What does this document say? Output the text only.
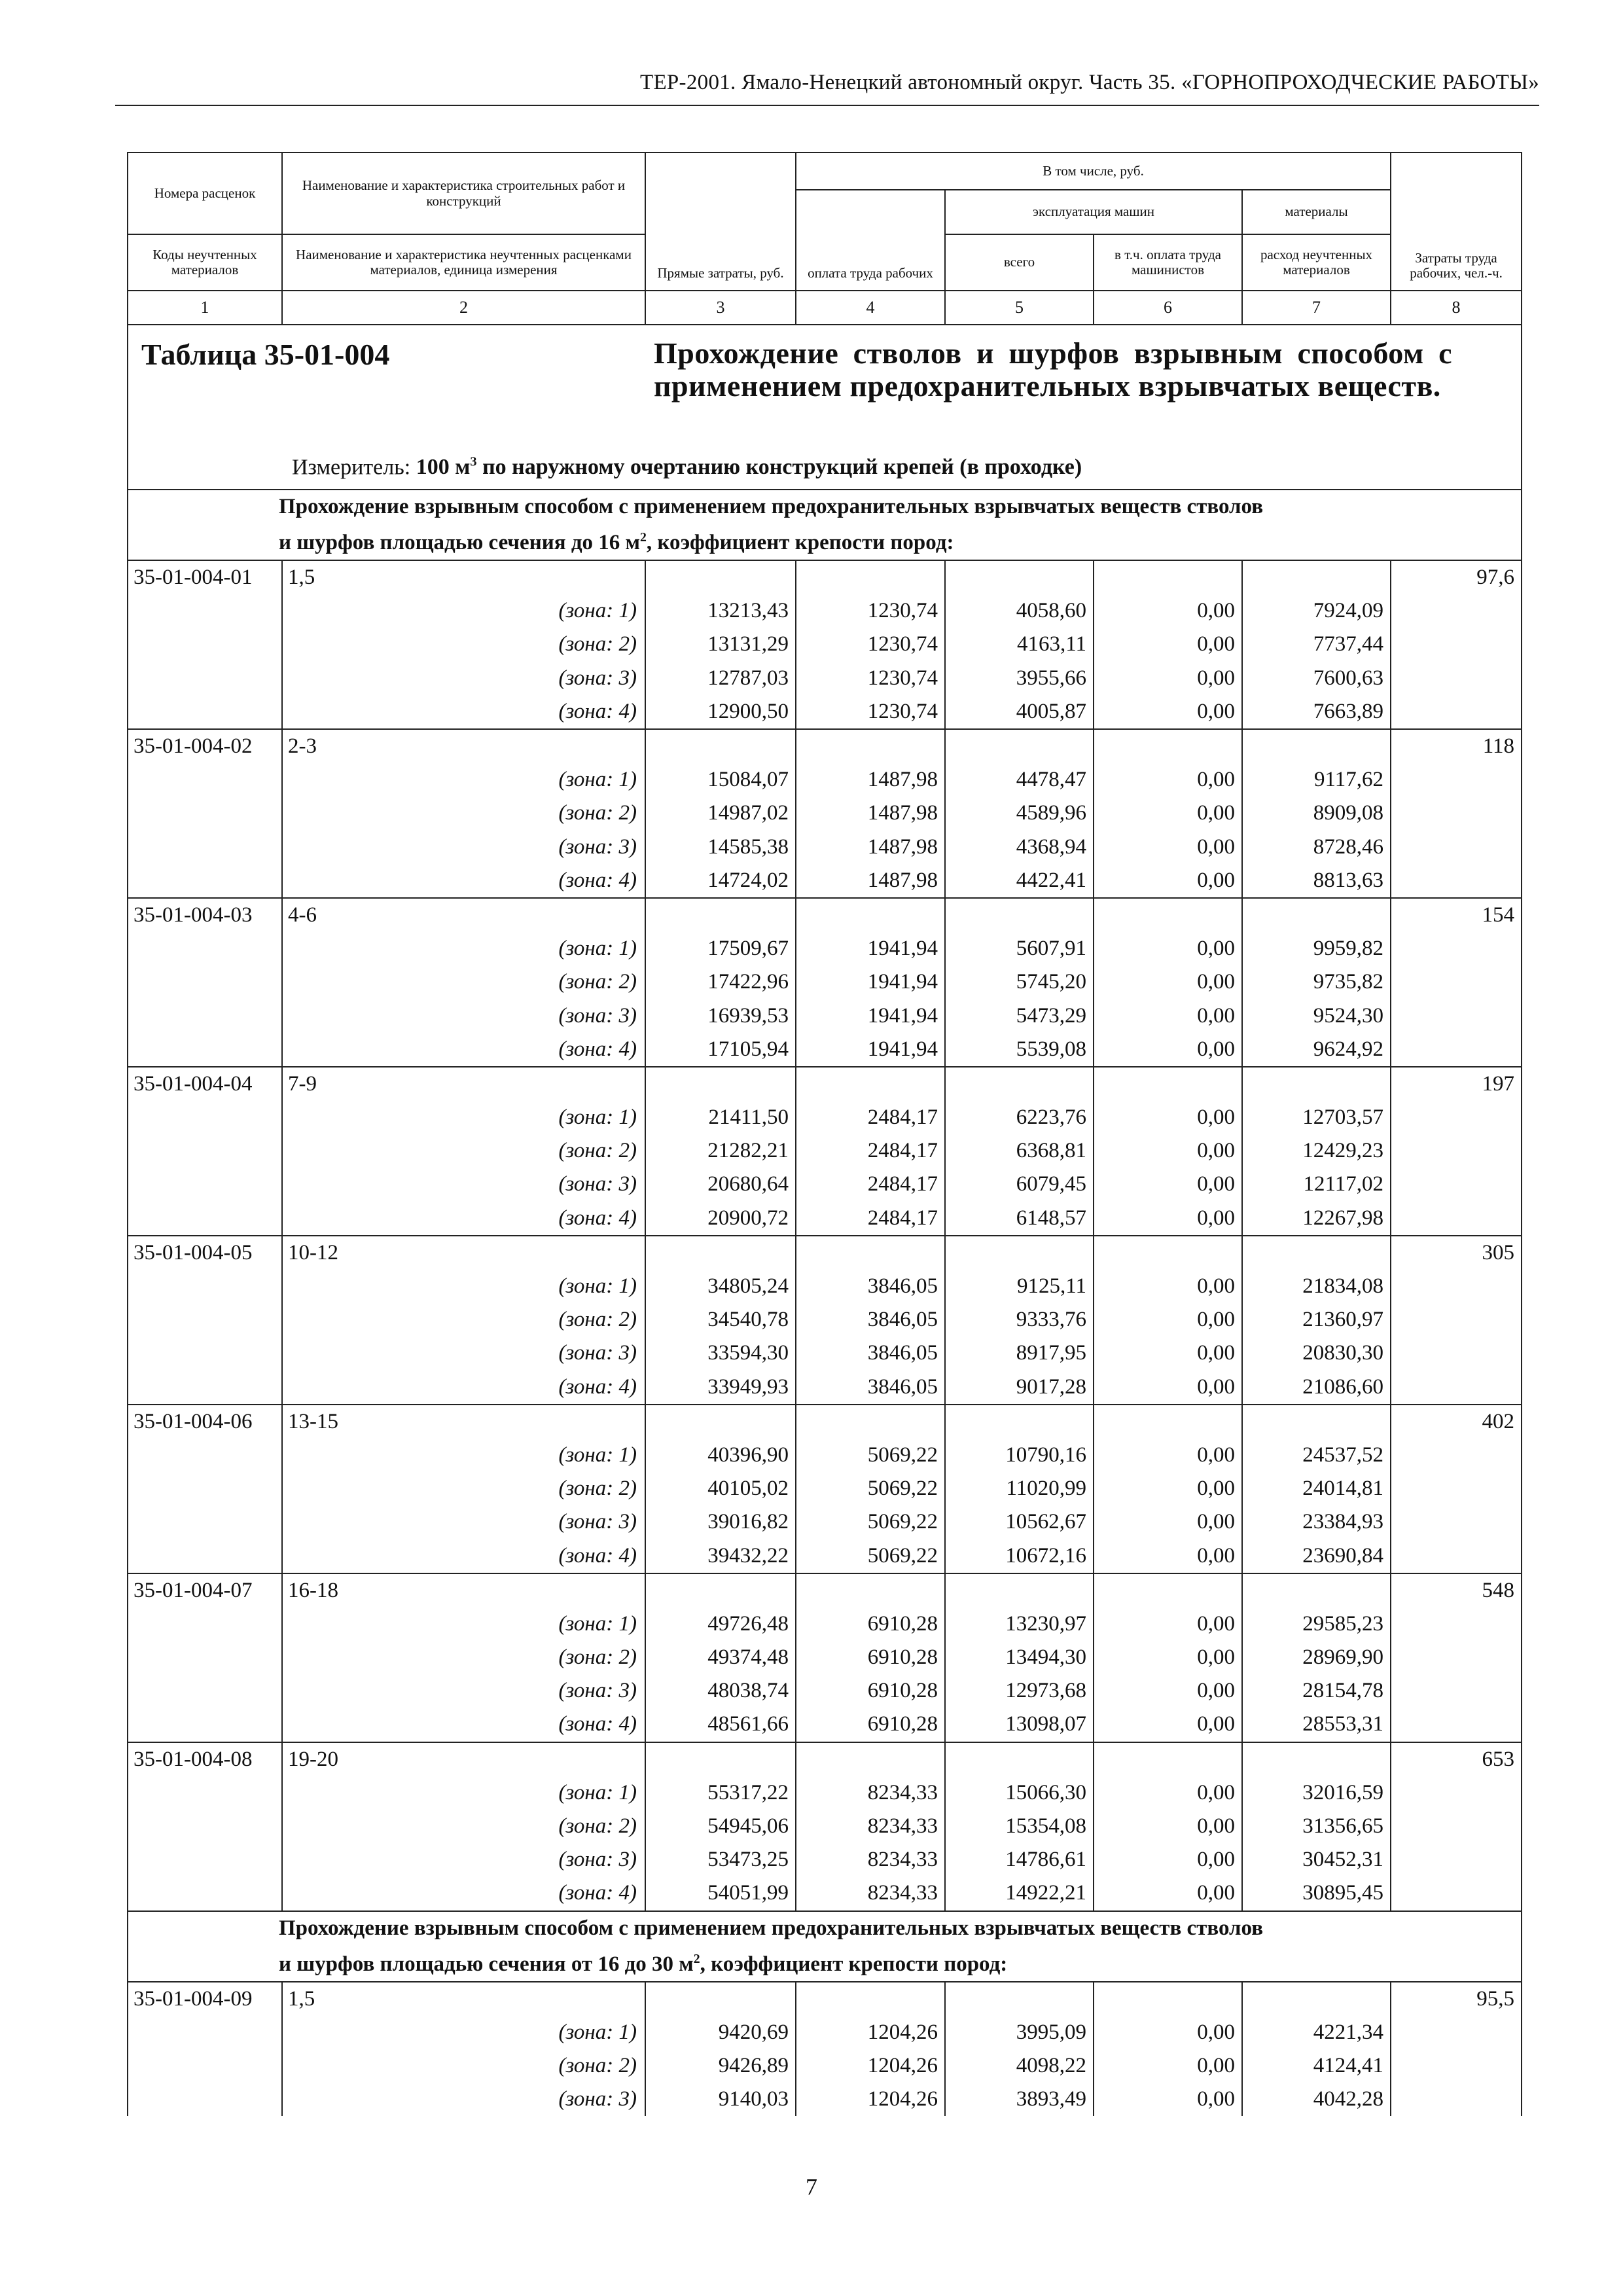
ТЕР-2001. Ямало-Ненецкий автономный округ. Часть 35. «ГОРНОПРОХОДЧЕСКИЕ РАБОТЫ»
Номера расценок	Наименование и характеристика строительных работ и конструкций	Прямые затраты, руб.	В том числе, руб.				Затраты труда рабочих, чел.-ч.
			оплата труда рабочих	эксплуатация машин		материалы	
Коды неучтенных материалов	Наименование и характеристика неучтенных расценками материалов, единица измерения			всего	в т.ч. оплата труда машинистов	расход неучтенных материалов	
1	2	3	4	5	6	7	8

Таблица 35-01-004 Прохождение стволов и шурфов взрывным способом с применением предохранительных взрывчатых веществ.
Измеритель: 100 $м^3$ по наружному очертанию конструкций крепей (в проходке)							

Прохождение взрывным способом с применением предохранительных взрывчатых веществ стволов
и шурфов площадью сечения до 16 $м^2$, коэффициент крепости пород:							
35-01-004-01	1,5						97,6
	(зона: 1)	13213,43	1230,74	4058,60	0,00	7924,09	
	(зона: 2)	13131,29	1230,74	4163,11	0,00	7737,44	
	(зона: 3)	12787,03	1230,74	3955,66	0,00	7600,63	
	(зона: 4)	12900,50	1230,74	4005,87	0,00	7663,89	
35-01-004-02	2-3						118
	(зона: 1)	15084,07	1487,98	4478,47	0,00	9117,62	
	(зона: 2)	14987,02	1487,98	4589,96	0,00	8909,08	
	(зона: 3)	14585,38	1487,98	4368,94	0,00	8728,46	
	(зона: 4)	14724,02	1487,98	4422,41	0,00	8813,63	
35-01-004-03	4-6						154
	(зона: 1)	17509,67	1941,94	5607,91	0,00	9959,82	
	(зона: 2)	17422,96	1941,94	5745,20	0,00	9735,82	
	(зона: 3)	16939,53	1941,94	5473,29	0,00	9524,30	
	(зона: 4)	17105,94	1941,94	5539,08	0,00	9624,92	
35-01-004-04	7-9						197
	(зона: 1)	21411,50	2484,17	6223,76	0,00	12703,57	
	(зона: 2)	21282,21	2484,17	6368,81	0,00	12429,23	
	(зона: 3)	20680,64	2484,17	6079,45	0,00	12117,02	
	(зона: 4)	20900,72	2484,17	6148,57	0,00	12267,98	
35-01-004-05	10-12						305
	(зона: 1)	34805,24	3846,05	9125,11	0,00	21834,08	
	(зона: 2)	34540,78	3846,05	9333,76	0,00	21360,97	
	(зона: 3)	33594,30	3846,05	8917,95	0,00	20830,30	
	(зона: 4)	33949,93	3846,05	9017,28	0,00	21086,60	
35-01-004-06	13-15						402
	(зона: 1)	40396,90	5069,22	10790,16	0,00	24537,52	
	(зона: 2)	40105,02	5069,22	11020,99	0,00	24014,81	
	(зона: 3)	39016,82	5069,22	10562,67	0,00	23384,93	
	(зона: 4)	39432,22	5069,22	10672,16	0,00	23690,84	
35-01-004-07	16-18						548
	(зона: 1)	49726,48	6910,28	13230,97	0,00	29585,23	
	(зона: 2)	49374,48	6910,28	13494,30	0,00	28969,90	
	(зона: 3)	48038,74	6910,28	12973,68	0,00	28154,78	
	(зона: 4)	48561,66	6910,28	13098,07	0,00	28553,31	
35-01-004-08	19-20						653
	(зона: 1)	55317,22	8234,33	15066,30	0,00	32016,59	
	(зона: 2)	54945,06	8234,33	15354,08	0,00	31356,65	
	(зона: 3)	53473,25	8234,33	14786,61	0,00	30452,31	
	(зона: 4)	54051,99	8234,33	14922,21	0,00	30895,45	
Прохождение взрывным способом с применением предохранительных взрывчатых веществ стволов
и шурфов площадью сечения от 16 до 30 $м^2$, коэффициент крепости пород:							
35-01-004-09	1,5						95,5
	(зона: 1)	9420,69	1204,26	3995,09	0,00	4221,34	
	(зона: 2)	9426,89	1204,26	4098,22	0,00	4124,41	
	(зона: 3)	9140,03	1204,26	3893,49	0,00	4042,28	
7
